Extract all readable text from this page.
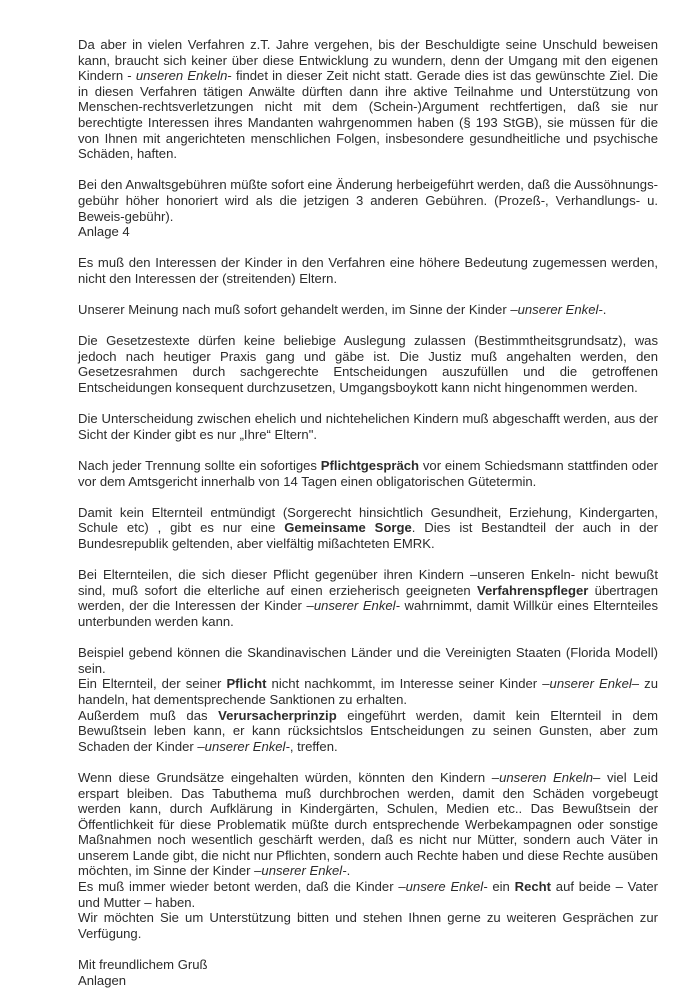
Da aber in vielen Verfahren z.T. Jahre vergehen, bis der Beschuldigte seine Unschuld beweisen kann, braucht sich keiner über diese Entwicklung zu wundern, denn der Umgang mit den eigenen Kindern - unseren Enkeln- findet in dieser Zeit nicht statt. Gerade dies ist das gewünschte Ziel. Die in diesen Verfahren tätigen Anwälte dürften dann ihre aktive Teilnahme und Unterstützung von Menschen-rechtsverletzungen nicht mit dem (Schein-)Argument rechtfertigen, daß sie nur berechtigte Interessen ihres Mandanten wahrgenommen haben (§ 193 StGB), sie müssen für die von Ihnen mit angerichteten menschlichen Folgen, insbesondere gesundheitliche und psychische Schäden, haften.
Bei den Anwaltsgebühren müßte sofort eine Änderung herbeigeführt werden, daß die Aussöhnungs-gebühr höher honoriert wird als die jetzigen 3 anderen Gebühren. (Prozeß-, Verhandlungs- u. Beweis-gebühr).
Anlage 4
Es muß den Interessen der Kinder in den Verfahren eine höhere Bedeutung zugemessen werden, nicht den Interessen der (streitenden) Eltern.
Unserer Meinung nach muß sofort gehandelt werden, im Sinne der Kinder –unserer Enkel-.
Die Gesetzestexte dürfen keine beliebige Auslegung zulassen (Bestimmtheitsgrundsatz), was jedoch nach heutiger Praxis gang und gäbe ist. Die Justiz muß angehalten werden, den Gesetzesrahmen durch sachgerechte Entscheidungen auszufüllen und die getroffenen Entscheidungen konsequent durchzusetzen, Umgangsboykott kann nicht hingenommen werden.
Die Unterscheidung zwischen ehelich und nichtehelichen Kindern muß abgeschafft werden, aus der Sicht der Kinder gibt es nur „Ihre“ Eltern".
Nach jeder Trennung sollte ein sofortiges Pflichtgespräch vor einem Schiedsmann stattfinden oder vor dem Amtsgericht innerhalb von 14 Tagen einen obligatorischen Gütetermin.
Damit kein Elternteil entmündigt (Sorgerecht hinsichtlich Gesundheit, Erziehung, Kindergarten, Schule etc) , gibt es nur eine Gemeinsame Sorge. Dies ist Bestandteil der auch in der Bundesrepublik geltenden, aber vielfältig mißachteten EMRK.
Bei Elternteilen, die sich dieser Pflicht gegenüber ihren Kindern –unseren Enkeln- nicht bewußt sind, muß sofort die elterliche auf einen erzieherisch geeigneten Verfahrenspfleger übertragen werden, der die Interessen der Kinder –unserer Enkel- wahrnimmt, damit Willkür eines Elternteiles unterbunden werden kann.
Beispiel gebend können die Skandinavischen Länder und die Vereinigten Staaten (Florida Modell) sein.
Ein Elternteil, der seiner Pflicht nicht nachkommt, im Interesse seiner Kinder –unserer Enkel– zu handeln, hat dementsprechende Sanktionen zu erhalten.
Außerdem muß das Verursacherprinzip eingeführt werden, damit kein Elternteil in dem Bewußtsein leben kann, er kann rücksichtslos Entscheidungen zu seinen Gunsten, aber zum Schaden der Kinder –unserer Enkel-, treffen.
Wenn diese Grundsätze eingehalten würden, könnten den Kindern –unseren Enkeln– viel Leid erspart bleiben. Das Tabuthema muß durchbrochen werden, damit den Schäden vorgebeugt werden kann, durch Aufklärung in Kindergärten, Schulen, Medien etc.. Das Bewußtsein der Öffentlichkeit für diese Problematik müßte durch entsprechende Werbekampagnen oder sonstige Maßnahmen noch wesentlich geschärft werden, daß es nicht nur Mütter, sondern auch Väter in unserem Lande gibt, die nicht nur Pflichten, sondern auch Rechte haben und diese Rechte ausüben möchten, im Sinne der Kinder –unserer Enkel-.
Es muß immer wieder betont werden, daß die Kinder –unsere Enkel- ein Recht auf beide – Vater und Mutter – haben.
Wir möchten Sie um Unterstützung bitten und stehen Ihnen gerne zu weiteren Gesprächen zur Verfügung.
Mit freundlichem Gruß
Anlagen
